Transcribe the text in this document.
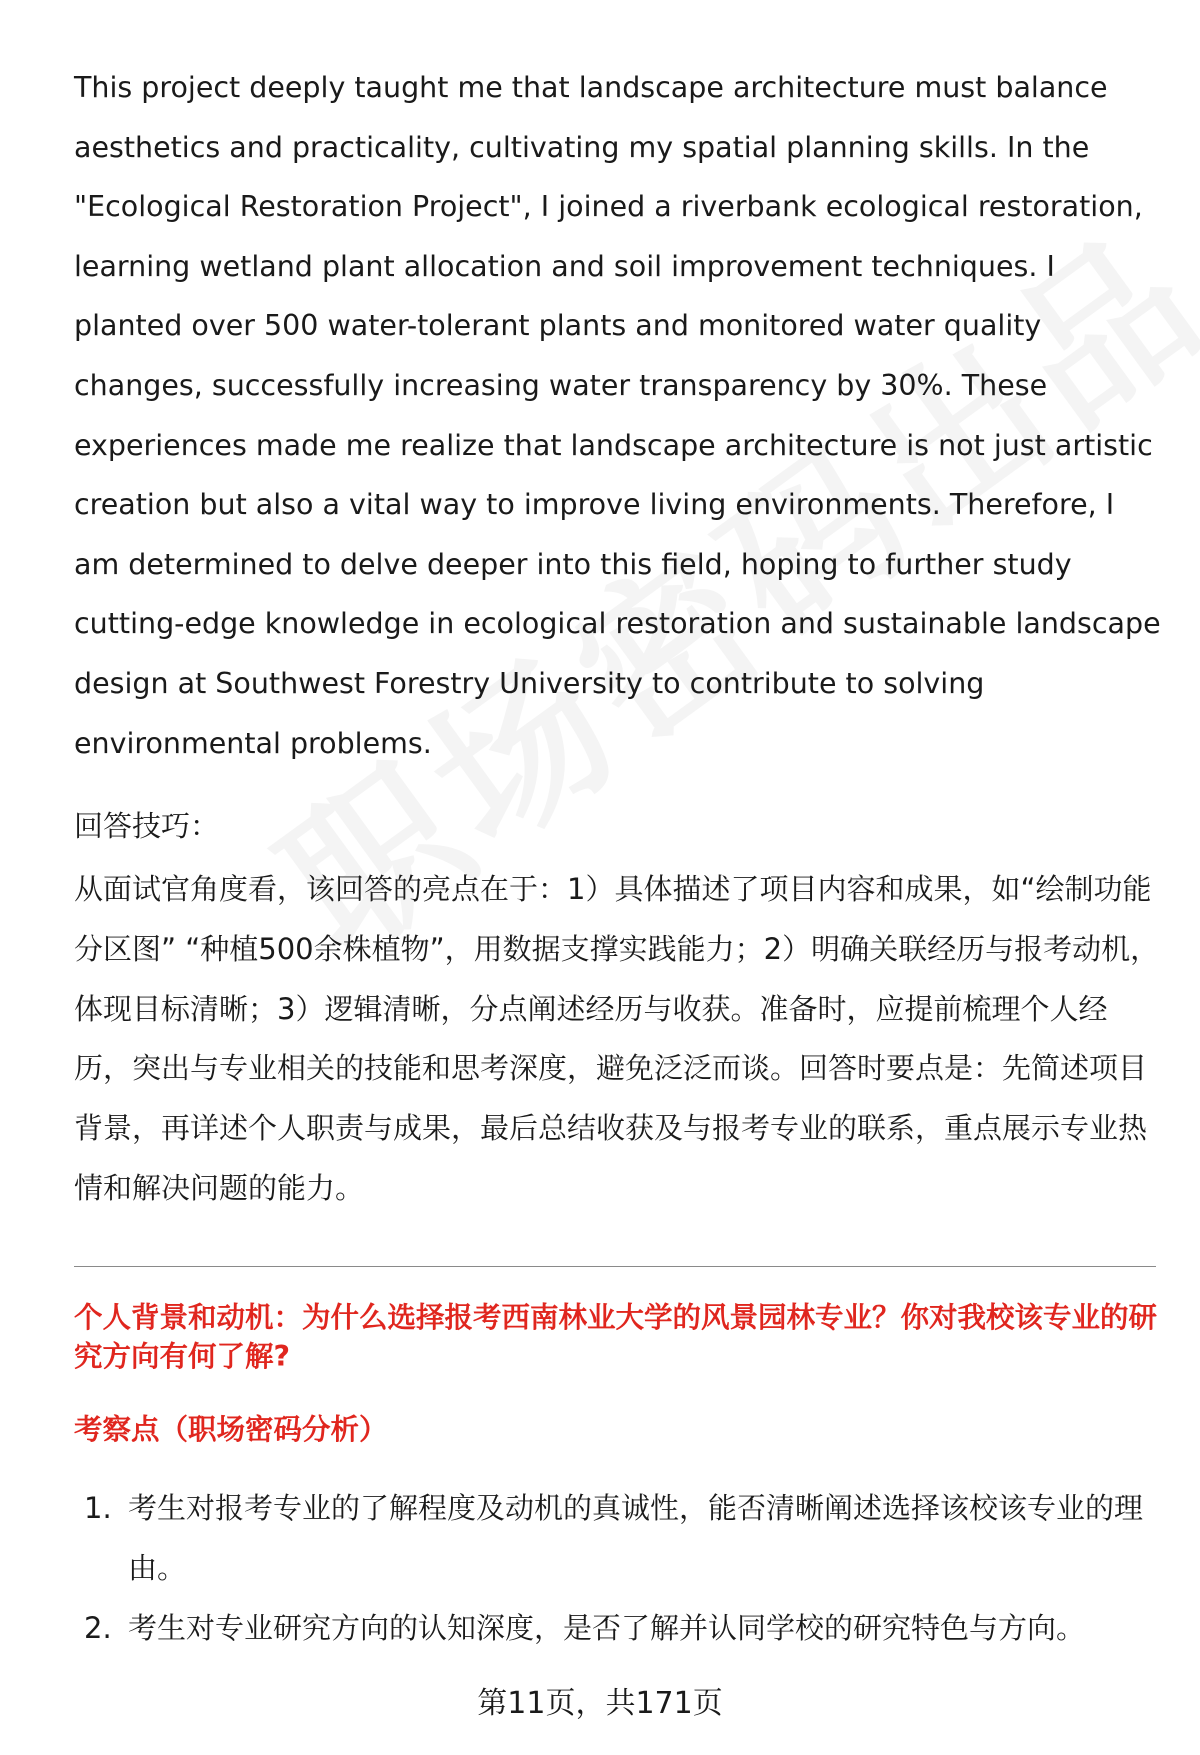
This project deeply taught me that landscape architecture must balance aesthetics and practicality, cultivating my spatial planning skills. In the "Ecological Restoration Project", I joined a riverbank ecological restoration, learning wetland plant allocation and soil improvement techniques. I planted over 500 water-tolerant plants and monitored water quality changes, successfully increasing water transparency by 30%. These experiences made me realize that landscape architecture is not just artistic creation but also a vital way to improve living environments. Therefore, I am determined to delve deeper into this field, hoping to further study cutting-edge knowledge in ecological restoration and sustainable landscape design at Southwest Forestry University to contribute to solving environmental problems.

回答技巧：

从面试官角度看，该回答的亮点在于：1）具体描述了项目内容和成果，如“绘制功能分区图” “种植500余株植物”，用数据支撑实践能力；2）明确关联经历与报考动机，体现目标清晰；3）逻辑清晰，分点阐述经历与收获。准备时，应提前梳理个人经历，突出与专业相关的技能和思考深度，避免泛泛而谈。回答时要点是：先简述项目背景，再详述个人职责与成果，最后总结收获及与报考专业的联系，重点展示专业热情和解决问题的能力。

个人背景和动机：为什么选择报考西南林业大学的风景园林专业？你对我校该专业的研究方向有何了解?

考察点（职场密码分析）

1. 考生对报考专业的了解程度及动机的真诚性，能否清晰阐述选择该校该专业的理由。
2. 考生对专业研究方向的认知深度，是否了解并认同学校的研究特色与方向。

第11页，共171页
